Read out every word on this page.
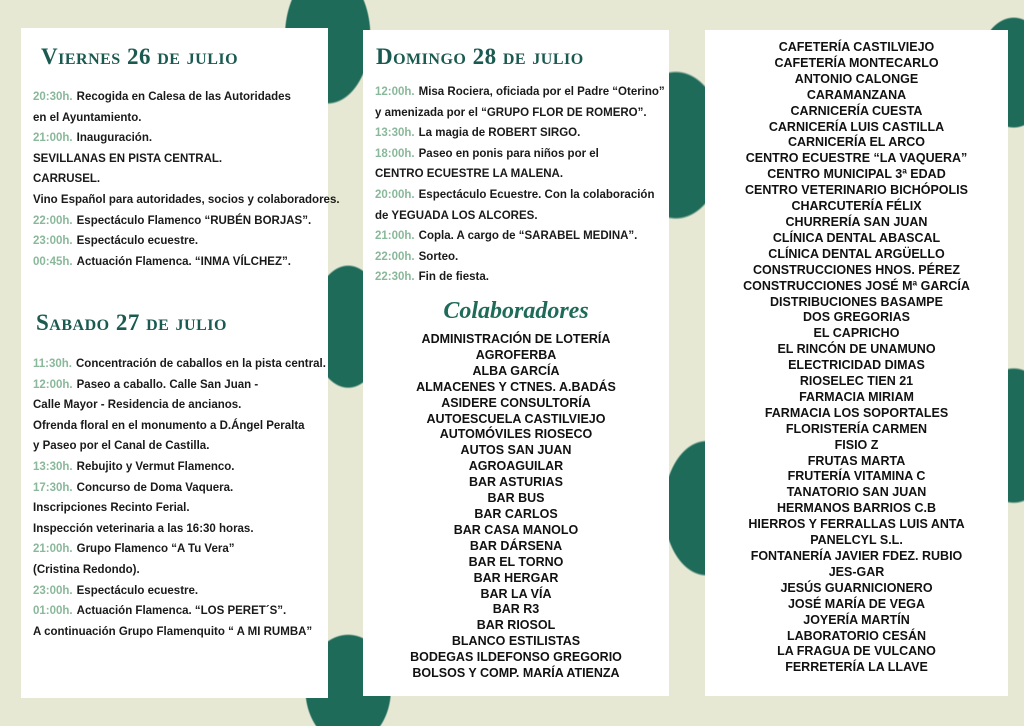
Viernes 26 de julio
20:30h. Recogida en Calesa de las Autoridades
en el Ayuntamiento.
21:00h. Inauguración.
SEVILLANAS EN PISTA CENTRAL.
CARRUSEL.
Vino Español para autoridades, socios y colaboradores.
22:00h. Espectáculo Flamenco “RUBÉN BORJAS”.
23:00h. Espectáculo ecuestre.
00:45h. Actuación Flamenca. “INMA VÍLCHEZ”.
Sabado 27 de julio
11:30h. Concentración de caballos en la pista central.
12:00h. Paseo a caballo. Calle San Juan -
Calle Mayor - Residencia de ancianos.
Ofrenda floral en el monumento a D.Ángel Peralta
y Paseo por el Canal de Castilla.
13:30h. Rebujito y Vermut Flamenco.
17:30h. Concurso de Doma Vaquera.
Inscripciones Recinto Ferial.
Inspección veterinaria a las 16:30 horas.
21:00h. Grupo Flamenco “A Tu Vera”
(Cristina Redondo).
23:00h. Espectáculo ecuestre.
01:00h. Actuación Flamenca. “LOS PERET´S”.
A continuación Grupo Flamenquito “ A MI RUMBA”
Domingo 28 de julio
12:00h. Misa Rociera, oficiada por el Padre “Oterino”
y amenizada por el “GRUPO FLOR DE ROMERO”.
13:30h. La magia de ROBERT SIRGO.
18:00h. Paseo en ponis para niños por el
CENTRO ECUESTRE LA MALENA.
20:00h. Espectáculo Ecuestre. Con la colaboración
de YEGUADA LOS ALCORES.
21:00h. Copla. A cargo de “SARABEL MEDINA”.
22:00h. Sorteo.
22:30h. Fin de fiesta.
Colaboradores
ADMINISTRACIÓN DE LOTERÍA
AGROFERBA
ALBA GARCÍA
ALMACENES Y CTNES. A.BADÁS
ASIDERE CONSULTORÍA
AUTOESCUELA CASTILVIEJO
AUTOMÓVILES RIOSECO
AUTOS SAN JUAN
AGROAGUILAR
BAR ASTURIAS
BAR BUS
BAR CARLOS
BAR CASA MANOLO
BAR DÁRSENA
BAR EL TORNO
BAR HERGAR
BAR LA VÍA
BAR R3
BAR RIOSOL
BLANCO ESTILISTAS
BODEGAS ILDEFONSO GREGORIO
BOLSOS Y COMP. MARÍA ATIENZA
CAFETERÍA CASTILVIEJO
CAFETERÍA MONTECARLO
ANTONIO CALONGE
CARAMANZANA
CARNICERÍA CUESTA
CARNICERÍA LUIS CASTILLA
CARNICERÍA EL ARCO
CENTRO ECUESTRE “LA VAQUERA”
CENTRO MUNICIPAL 3ª EDAD
CENTRO VETERINARIO BICHÓPOLIS
CHARCUTERÍA FÉLIX
CHURRERÍA SAN JUAN
CLÍNICA DENTAL ABASCAL
CLÍNICA DENTAL ARGÜELLO
CONSTRUCCIONES HNOS. PÉREZ
CONSTRUCCIONES JOSÉ Mª GARCÍA
DISTRIBUCIONES BASAMPE
DOS GREGORIAS
EL CAPRICHO
EL RINCÓN DE UNAMUNO
ELECTRICIDAD DIMAS
RIOSELEC TIEN 21
FARMACIA MIRIAM
FARMACIA LOS SOPORTALES
FLORISTERÍA CARMEN
FISIO Z
FRUTAS MARTA
FRUTERÍA VITAMINA C
TANATORIO SAN JUAN
HERMANOS BARRIOS C.B
HIERROS Y FERRALLAS LUIS ANTA
PANELCYL S.L.
FONTANERÍA JAVIER FDEZ. RUBIO
JES-GAR
JESÚS GUARNICIONERO
JOSÉ MARÍA DE VEGA
JOYERÍA MARTÍN
LABORATORIO CESÁN
LA FRAGUA DE VULCANO
FERRETERÍA LA LLAVE
